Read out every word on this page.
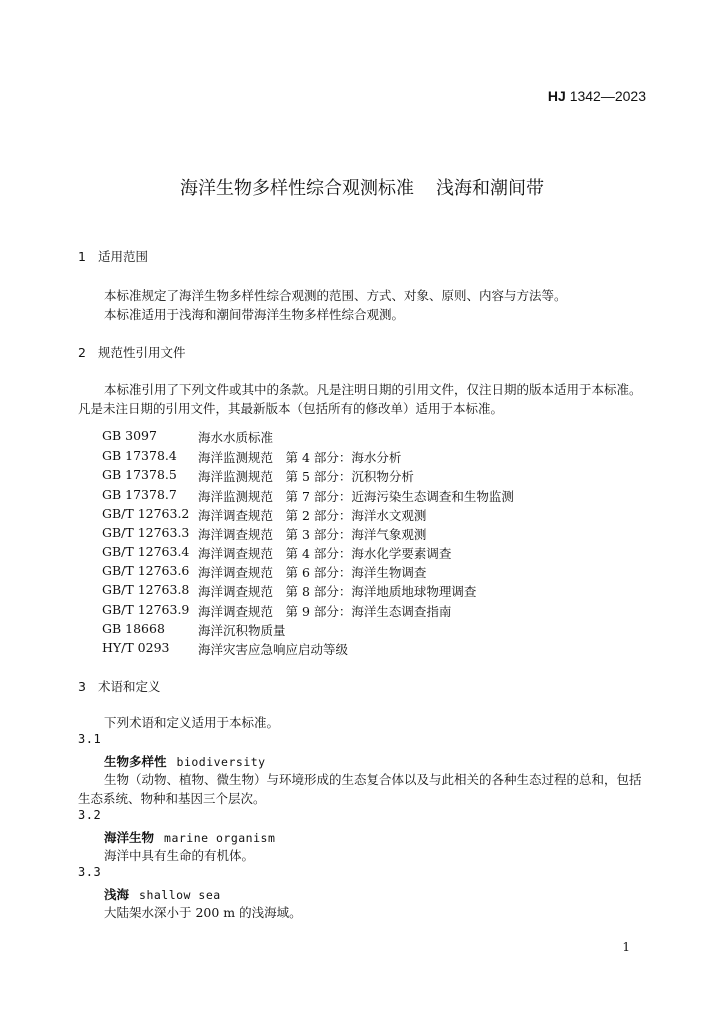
HJ 1342—2023
海洋生物多样性综合观测标准 浅海和潮间带
1 适用范围
本标准规定了海洋生物多样性综合观测的范围、方式、对象、原则、内容与方法等。
本标准适用于浅海和潮间带海洋生物多样性综合观测。
2 规范性引用文件
本标准引用了下列文件或其中的条款。凡是注明日期的引用文件，仅注日期的版本适用于本标准。
凡是未注日期的引用文件，其最新版本（包括所有的修改单）适用于本标准。
GB 3097	海水水质标准
GB 17378.4 海洋监测规范　第 4 部分：海水分析
GB 17378.5 海洋监测规范　第 5 部分：沉积物分析
GB 17378.7 海洋监测规范　第 7 部分：近海污染生态调查和生物监测
GB/T 12763.2 海洋调查规范　第 2 部分：海洋水文观测
GB/T 12763.3 海洋调查规范　第 3 部分：海洋气象观测
GB/T 12763.4 海洋调查规范　第 4 部分：海水化学要素调查
GB/T 12763.6 海洋调查规范　第 6 部分：海洋生物调查
GB/T 12763.8 海洋调查规范　第 8 部分：海洋地质地球物理调查
GB/T 12763.9 海洋调查规范　第 9 部分：海洋生态调查指南
GB 18668	海洋沉积物质量
HY/T 0293 海洋灾害应急响应启动等级
3 术语和定义
下列术语和定义适用于本标准。
3.1
生物多样性 biodiversity
生物（动物、植物、微生物）与环境形成的生态复合体以及与此相关的各种生态过程的总和，包括
生态系统、物种和基因三个层次。
3.2
海洋生物 marine organism
海洋中具有生命的有机体。
3.3
浅海 shallow sea
大陆架水深小于 200 m 的浅海域。
1
